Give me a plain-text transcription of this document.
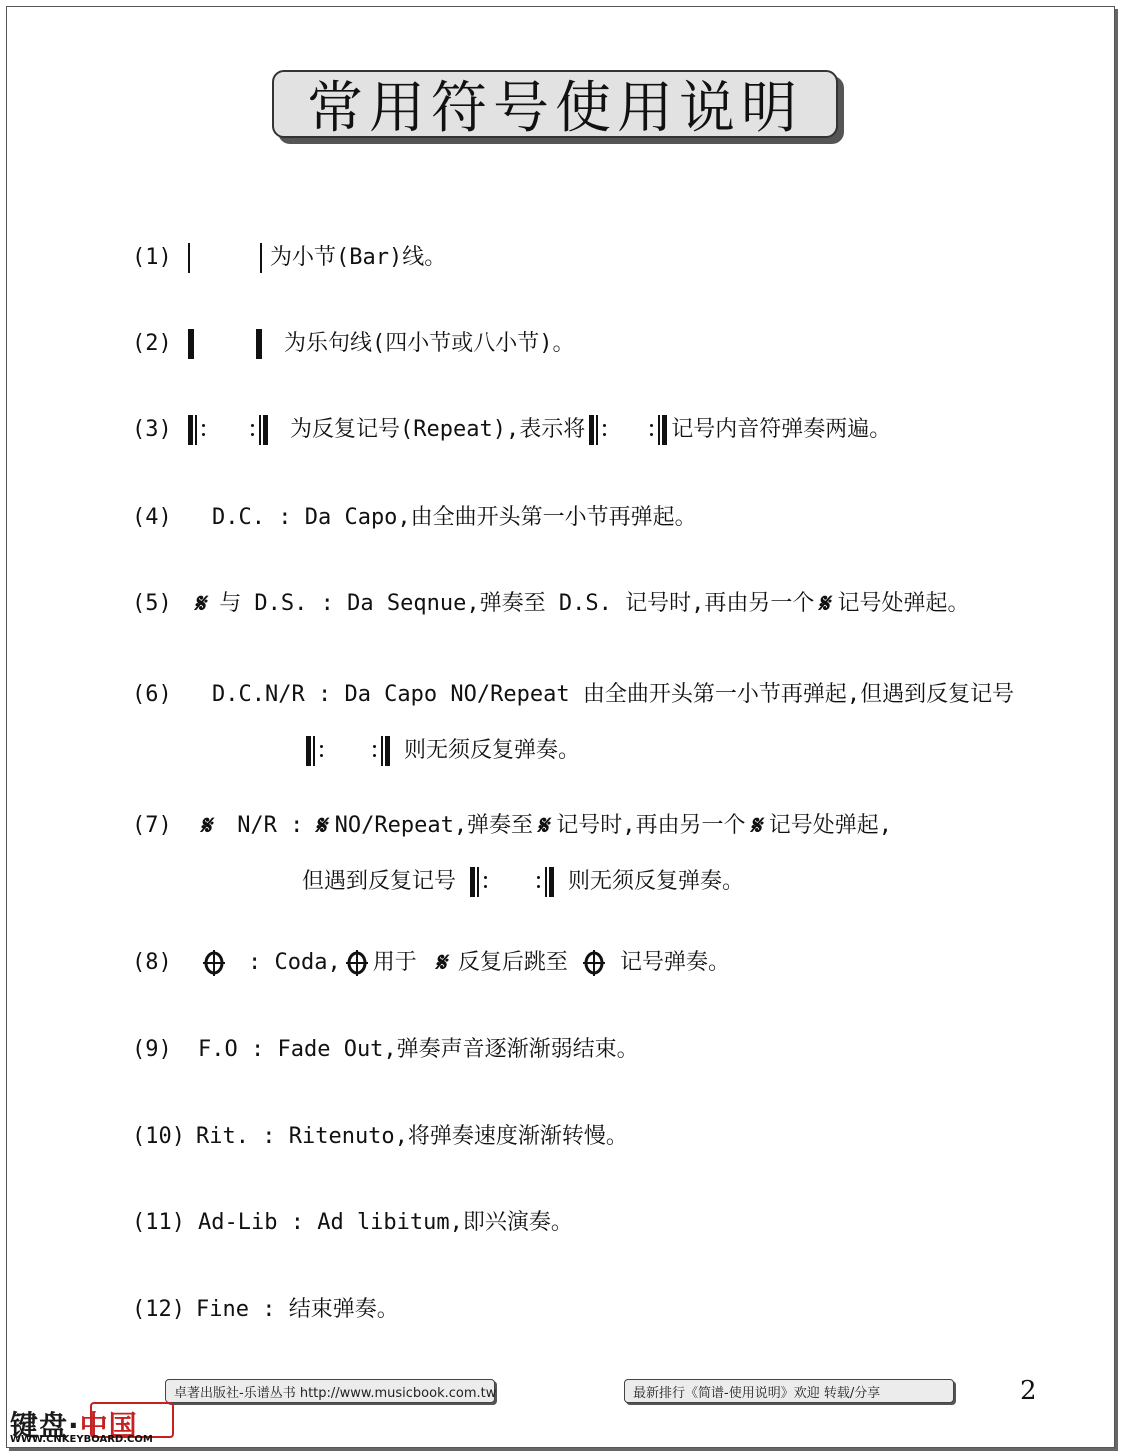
常用符号使用说明
(1)	为小节(Bar)线。
(2)	为乐句线(四小节或八小节)。
(3)	为反复记号(Repeat),表示将	记号内音符弹奏两遍。
(4)	D.C. : Da Capo,由全曲开头第一小节再弹起。
(5) 𝄋 与 D.S. : Da Seqnue,弹奏至 D.S. 记号时,再由另一个 𝄋 记号处弹起。
(6)	D.C.N/R : Da Capo NO/Repeat 由全曲开头第一小节再弹起,但遇到反复记号
则无须反复弹奏。
(7)	𝄋 N/R : 𝄋 NO/Repeat,弹奏至 𝄋 记号时,再由另一个 𝄋 记号处弹起,
但遇到反复记号	则无须反复弹奏。
(8)	: Coda, 用于 𝄋 反复后跳至 记号弹奏。
(9)	F.O : Fade Out,弹奏声音逐渐渐弱结束。
(10) Rit. : Ritenuto,将弹奏速度渐渐转慢。
(11) Ad-Lib : Ad libitum,即兴演奏。
(12) Fine : 结束弹奏。
卓著出版社-乐谱丛书 http://www.musicbook.com.tw	最新排行《简谱-使用说明》欢迎 转载/分享	2
键盘·中国
WWW.CNKEYBOARD.COM
